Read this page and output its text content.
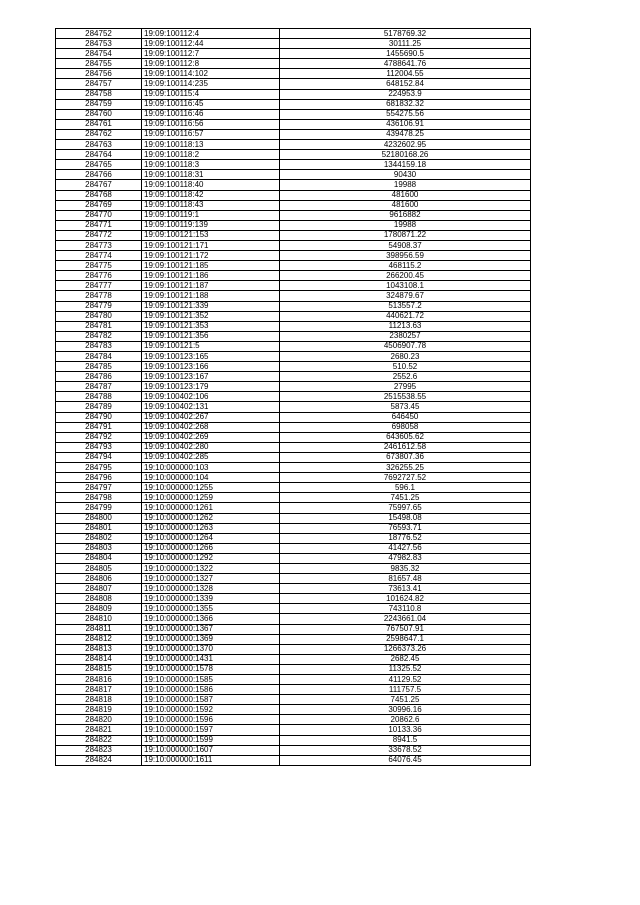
284752	19:09:100112:4	5178769.32
284753	19:09:100112:44	30111.25
284754	19:09:100112:7	1455690.5
284755	19:09:100112:8	4788641.76
284756	19:09:100114:102	112004.55
284757	19:09:100114:235	648152.84
284758	19:09:100115:4	224953.9
284759	19:09:100116:45	681832.32
284760	19:09:100116:46	554275.56
284761	19:09:100116:56	436106.91
284762	19:09:100116:57	439478.25
284763	19:09:100118:13	4232602.95
284764	19:09:100118:2	52180168.26
284765	19:09:100118:3	1344159.18
284766	19:09:100118:31	90430
284767	19:09:100118:40	19988
284768	19:09:100118:42	481600
284769	19:09:100118:43	481600
284770	19:09:100119:1	9616882
284771	19:09:100119:139	19988
284772	19:09:100121:153	1780871.22
284773	19:09:100121:171	54908.37
284774	19:09:100121:172	398956.59
284775	19:09:100121:185	468115.2
284776	19:09:100121:186	266200.45
284777	19:09:100121:187	1043108.1
284778	19:09:100121:188	324879.67
284779	19:09:100121:339	513557.2
284780	19:09:100121:352	440621.72
284781	19:09:100121:353	11213.63
284782	19:09:100121:356	2380257
284783	19:09:100121:5	4506907.78
284784	19:09:100123:165	2680.23
284785	19:09:100123:166	510.52
284786	19:09:100123:167	2552.6
284787	19:09:100123:179	27995
284788	19:09:100402:106	2515538.55
284789	19:09:100402:131	5873.45
284790	19:09:100402:267	646450
284791	19:09:100402:268	698058
284792	19:09:100402:269	643605.62
284793	19:09:100402:280	2461612.58
284794	19:09:100402:285	673807.36
284795	19:10:000000:103	326255.25
284796	19:10:000000:104	7692727.52
284797	19:10:000000:1255	596.1
284798	19:10:000000:1259	7451.25
284799	19:10:000000:1261	75997.65
284800	19:10:000000:1262	15498.08
284801	19:10:000000:1263	76593.71
284802	19:10:000000:1264	18776.52
284803	19:10:000000:1266	41427.56
284804	19:10:000000:1292	47982.83
284805	19:10:000000:1322	9835.32
284806	19:10:000000:1327	81657.48
284807	19:10:000000:1328	73613.41
284808	19:10:000000:1339	101624.82
284809	19:10:000000:1355	743110.8
284810	19:10:000000:1366	2243661.04
284811	19:10:000000:1367	767507.91
284812	19:10:000000:1369	2598647.1
284813	19:10:000000:1370	1266373.26
284814	19:10:000000:1431	2682.45
284815	19:10:000000:1578	11325.52
284816	19:10:000000:1585	41129.52
284817	19:10:000000:1586	111757.5
284818	19:10:000000:1587	7451.25
284819	19:10:000000:1592	30996.16
284820	19:10:000000:1596	20862.6
284821	19:10:000000:1597	10133.36
284822	19:10:000000:1599	8941.5
284823	19:10:000000:1607	33678.52
284824	19:10:000000:1611	64076.45
